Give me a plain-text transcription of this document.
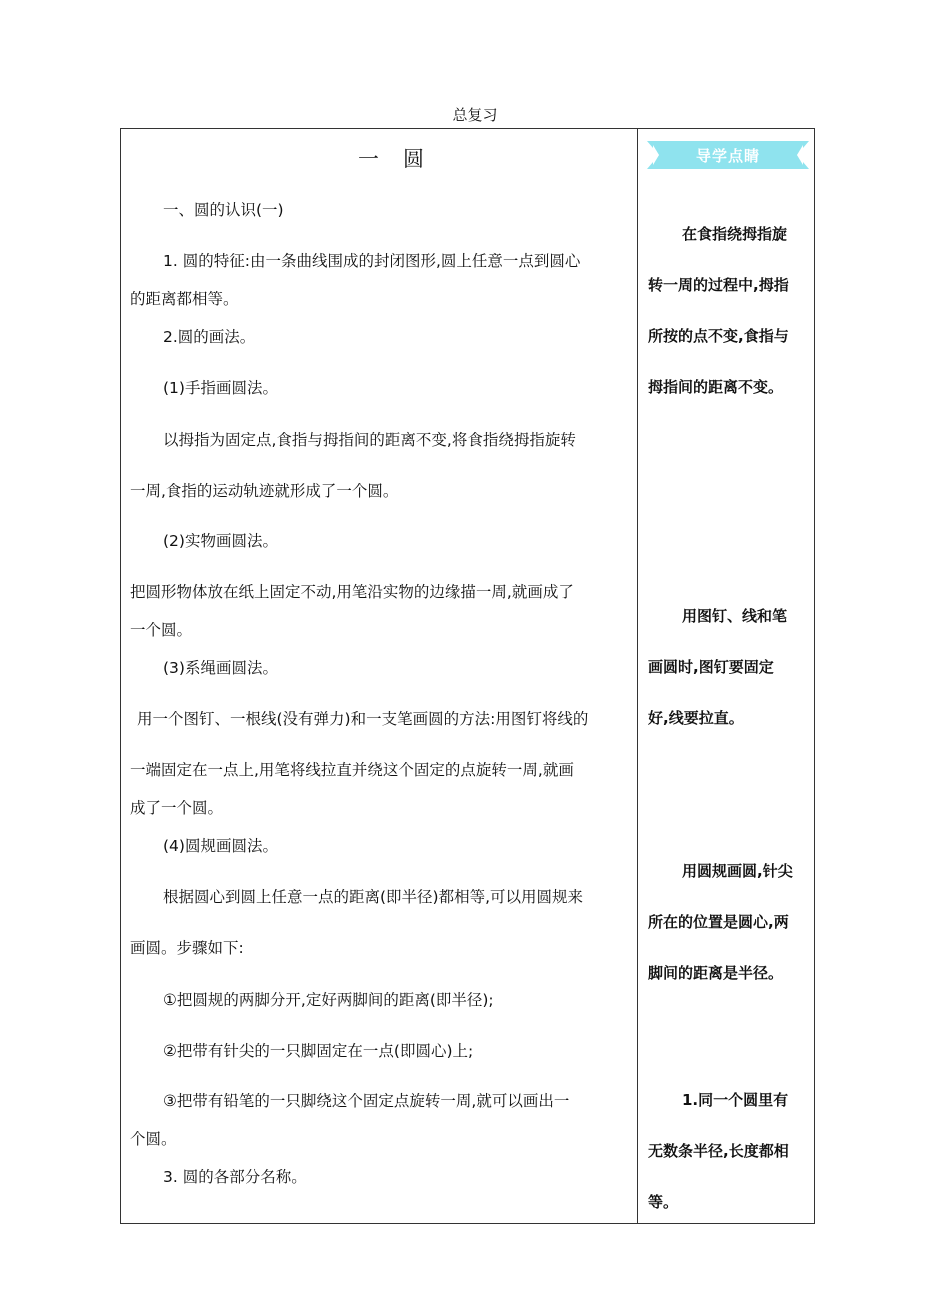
总复习
一 圆	导学点睛
一、圆的认识(一)
1. 圆的特征:由一条曲线围成的封闭图形,圆上任意一点到圆心
的距离都相等。
2.圆的画法。
(1)手指画圆法。
以拇指为固定点,食指与拇指间的距离不变,将食指绕拇指旋转
一周,食指的运动轨迹就形成了一个圆。
(2)实物画圆法。
把圆形物体放在纸上固定不动,用笔沿实物的边缘描一周,就画成了
一个圆。
(3)系绳画圆法。
用一个图钉、一根线(没有弹力)和一支笔画圆的方法:用图钉将线的
一端固定在一点上,用笔将线拉直并绕这个固定的点旋转一周,就画
成了一个圆。
(4)圆规画圆法。
根据圆心到圆上任意一点的距离(即半径)都相等,可以用圆规来
画圆。步骤如下:
①把圆规的两脚分开,定好两脚间的距离(即半径);
②把带有针尖的一只脚固定在一点(即圆心)上;
③把带有铅笔的一只脚绕这个固定点旋转一周,就可以画出一
个圆。
3. 圆的各部分名称。
在食指绕拇指旋
转一周的过程中,拇指
所按的点不变,食指与
拇指间的距离不变。
用图钉、线和笔
画圆时,图钉要固定
好,线要拉直。
用圆规画圆,针尖
所在的位置是圆心,两
脚间的距离是半径。
1.同一个圆里有
无数条半径,长度都相
等。
